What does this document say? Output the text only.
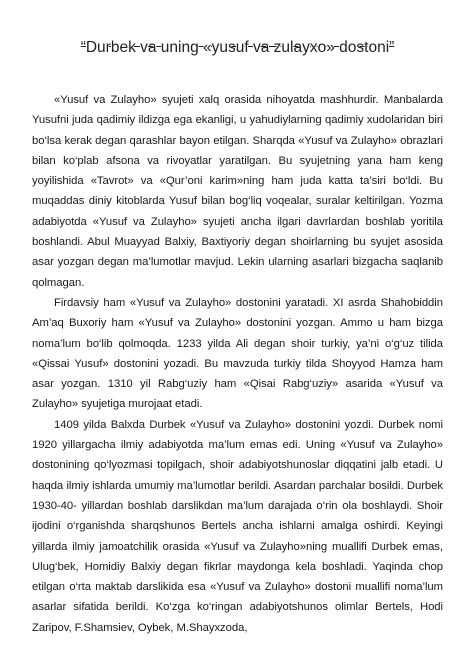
“Durbek va uning «yusuf va zulayxo» dostoni”

«Yusuf va Zulayho» syujeti xalq orasida nihoyatda mashhurdir. Manbalarda Yusufni juda qadimiy ildizga ega ekanligi, u yahudiylarning qadimiy xudolaridan biri bo‘lsa kerak degan qarashlar bayon etilgan. Sharqda «Yusuf va Zulayho» obrazlari bilan ko‘plab afsona va rivoyatlar yaratilgan. Bu syujetning yana ham keng yoyilishida «Tavrot» va «Qur’oni karim»ning ham juda katta ta’siri bo‘ldi. Bu muqaddas diniy kitoblarda Yusuf bilan bog‘liq voqealar, suralar keltirilgan. Yozma adabiyotda «Yusuf va Zulayho» syujeti ancha ilgari davrlardan boshlab yoritila boshlandi. Abul Muayyad Balxiy, Baxtiyoriy degan shoirlarning bu syujet asosida asar yozgan degan ma’lumotlar mavjud. Lekin ularning asarlari bizgacha saqlanib qolmagan.

Firdavsiy ham «Yusuf va Zulayho» dostonini yaratadi. XI asrda Shahobiddin Am’aq Buxoriy ham «Yusuf va Zulayho» dostonini yozgan. Ammo u ham bizga noma’lum bo‘lib qolmoqda. 1233 yilda Ali degan shoir turkiy, ya’ni o‘g‘uz tilida «Qissai Yusuf» dostonini yozadi. Bu mavzuda turkiy tilda Shoyyod Hamza ham asar yozgan. 1310 yil Rabg‘uziy ham «Qisai Rabg‘uziy» asarida «Yusuf va Zulayho» syujetiga murojaat etadi.

1409 yilda Balxda Durbek «Yusuf va Zulayho» dostonini yozdi. Durbek nomi 1920 yillargacha ilmiy adabiyotda ma’lum emas edi. Uning «Yusuf va Zulayho» dostonining qo‘lyozmasi topilgach, shoir adabiyotshunoslar diqqatini jalb etadi. U haqda ilmiy ishlarda umumiy ma’lumotlar berildi. Asardan parchalar bosildi. Durbek 1930-40- yillardan boshlab darslikdan ma’lum darajada o‘rin ola boshlaydi. Shoir ijodini o‘rganishda sharqshunos Bertels ancha ishlarni amalga oshirdi. Keyingi yillarda ilmiy jamoatchilik orasida «Yusuf va Zulayho»ning muallifi Durbek emas, Ulug‘bek, Homidiy Balxiy degan fikrlar maydonga kela boshladi. Yaqinda chop etilgan o‘rta maktab darslikida esa «Yusuf va Zulayho» dostoni muallifi noma’lum asarlar sifatida berildi. Ko‘zga ko‘ringan adabiyotshunos olimlar Bertels, Hodi Zaripov, F.Shamsiev, Oybek, M.Shayxzoda,
